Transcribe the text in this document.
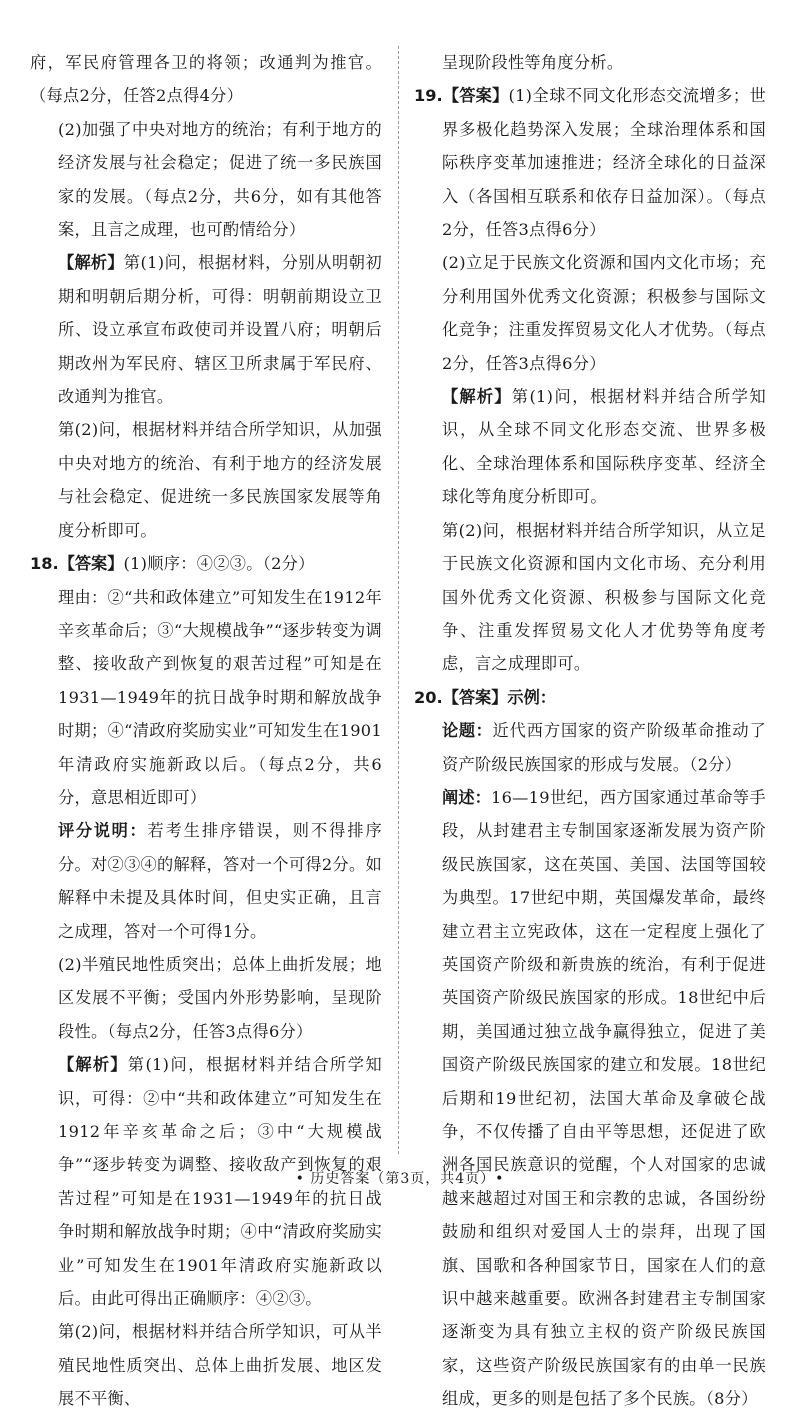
府，军民府管理各卫的将领；改通判为推官。（每点2分，任答2点得4分）

(2)加强了中央对地方的统治；有利于地方的经济发展与社会稳定；促进了统一多民族国家的发展。（每点2分，共6分，如有其他答案，且言之成理，也可酌情给分）

【解析】第(1)问，根据材料，分别从明朝初期和明朝后期分析，可得：明朝前期设立卫所、设立承宣布政使司并设置八府；明朝后期改州为军民府、辖区卫所隶属于军民府、改通判为推官。

第(2)问，根据材料并结合所学知识，从加强中央对地方的统治、有利于地方的经济发展与社会稳定、促进统一多民族国家发展等角度分析即可。

18.【答案】(1)顺序：④②③。（2分）

理由：②“共和政体建立”可知发生在1912年辛亥革命后；③“大规模战争”“逐步转变为调整、接收敌产到恢复的艰苦过程”可知是在1931—1949年的抗日战争时期和解放战争时期；④“清政府奖励实业”可知发生在1901年清政府实施新政以后。（每点2分，共6分，意思相近即可）

评分说明：若考生排序错误，则不得排序分。对②③④的解释，答对一个可得2分。如解释中未提及具体时间，但史实正确，且言之成理，答对一个可得1分。

(2)半殖民地性质突出；总体上曲折发展；地区发展不平衡；受国内外形势影响，呈现阶段性。（每点2分，任答3点得6分）

【解析】第(1)问，根据材料并结合所学知识，可得：②中“共和政体建立”可知发生在1912年辛亥革命之后；③中“大规模战争”“逐步转变为调整、接收敌产到恢复的艰苦过程”可知是在1931—1949年的抗日战争时期和解放战争时期；④中“清政府奖励实业”可知发生在1901年清政府实施新政以后。由此可得出正确顺序：④②③。

第(2)问，根据材料并结合所学知识，可从半殖民地性质突出、总体上曲折发展、地区发展不平衡、

呈现阶段性等角度分析。

19.【答案】(1)全球不同文化形态交流增多；世界多极化趋势深入发展；全球治理体系和国际秩序变革加速推进；经济全球化的日益深入（各国相互联系和依存日益加深）。（每点2分，任答3点得6分）

(2)立足于民族文化资源和国内文化市场；充分利用国外优秀文化资源；积极参与国际文化竞争；注重发挥贸易文化人才优势。（每点2分，任答3点得6分）

【解析】第(1)问，根据材料并结合所学知识，从全球不同文化形态交流、世界多极化、全球治理体系和国际秩序变革、经济全球化等角度分析即可。

第(2)问，根据材料并结合所学知识，从立足于民族文化资源和国内文化市场、充分利用国外优秀文化资源、积极参与国际文化竞争、注重发挥贸易文化人才优势等角度考虑，言之成理即可。

20.【答案】示例：

论题：近代西方国家的资产阶级革命推动了资产阶级民族国家的形成与发展。（2分）

阐述：16—19世纪，西方国家通过革命等手段，从封建君主专制国家逐渐发展为资产阶级民族国家，这在英国、美国、法国等国较为典型。17世纪中期，英国爆发革命，最终建立君主立宪政体，这在一定程度上强化了英国资产阶级和新贵族的统治，有利于促进英国资产阶级民族国家的形成。18世纪中后期，美国通过独立战争赢得独立，促进了美国资产阶级民族国家的建立和发展。18世纪后期和19世纪初，法国大革命及拿破仑战争，不仅传播了自由平等思想，还促进了欧洲各国民族意识的觉醒，个人对国家的忠诚越来越超过对国王和宗教的忠诚，各国纷纷鼓励和组织对爱国人士的崇拜，出现了国旗、国歌和各种国家节日，国家在人们的意识中越来越重要。欧洲各封建君主专制国家逐渐变为具有独立主权的资产阶级民族国家，这些资产阶级民族国家有的由单一民族组成，更多的则是包括了多个民族。（8分）

• 历史答案（第3页，共4页）•
